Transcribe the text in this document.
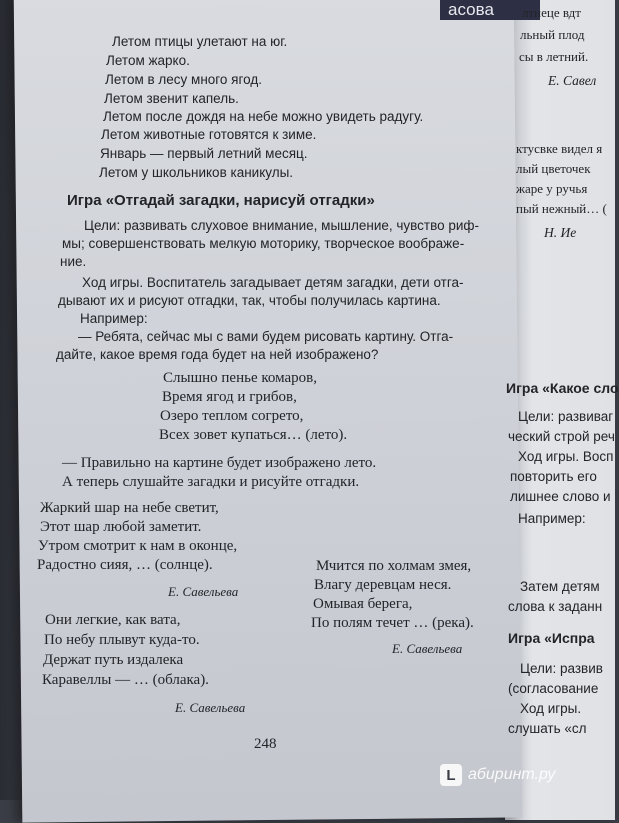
асова
Летом птицы улетают на юг.
Летом жарко.
Летом в лесу много ягод.
Летом звенит капель.
Летом после дождя на небе можно увидеть радугу.
Летом животные готовятся к зиме.
Январь — первый летний месяц.
Летом у школьников каникулы.
Игра «Отгадай загадки, нарисуй отгадки»
Цели: развивать слуховое внимание, мышление, чувство риф-
мы; совершенствовать мелкую моторику, творческое воображе-
ние.
Ход игры. Воспитатель загадывает детям загадки, дети отга-
дывают их и рисуют отгадки, так, чтобы получилась картина.
Например:
— Ребята, сейчас мы с вами будем рисовать картину. Отга-
дайте, какое время года будет на ней изображено?
Слышно пенье комаров,
Время ягод и грибов,
Озеро теплом согрето,
Всех зовет купаться… (лето).
— Правильно на картине будет изображено лето.
А теперь слушайте загадки и рисуйте отгадки.
Жаркий шар на небе светит,
Этот шар любой заметит.
Утром смотрит к нам в оконце,
Радостно сияя, … (солнце).
Е. Савельева
Мчится по холмам змея,
Влагу деревцам неся.
Омывая берега,
По полям течет … (река).
Е. Савельева
Они легкие, как вата,
По небу плывут куда-то.
Держат путь издалека
Каравеллы — … (облака).
Е. Савельева
248
лтнеце вдт
льный плод
сы в летний.
Е. Савел
ктусвке видел я
лый цветочек
жаре у ручья
пый нежный… (
Н. Ие
Игра «Какое сло
Цели: развиваг
ческий строй реч
Ход игры. Восп
повторить его
лишнее слово и
Например:
Затем детям
слова к заданн
Игра «Испра
Цели: развив
(согласование
Ход игры.
слушать «сл
L абиринт.ру
